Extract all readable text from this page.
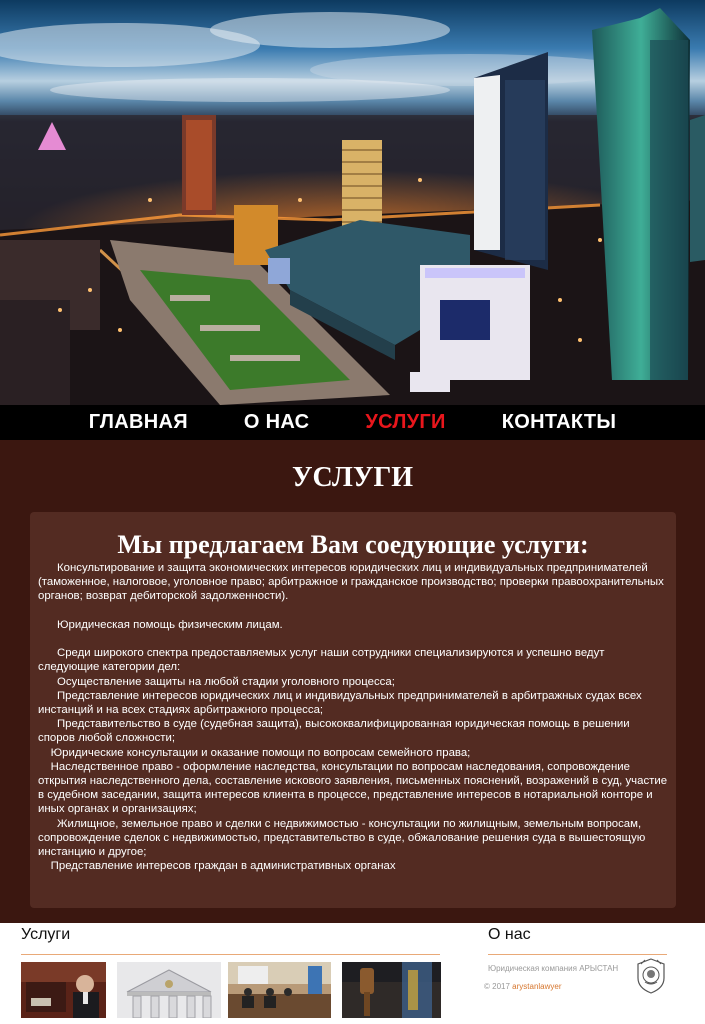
ГЛАВНАЯ	О НАС	УСЛУГИ	КОНТАКТЫ
УСЛУГИ
Мы предлагаем Вам соедующие услуги:

Консультирование и защита экономических интересов юридических лиц и индивидуальных предпринимателей (таможенное, налоговое, уголовное право; арбитражное и гражданское производство; проверки правоохранительных органов; возврат дебиторской задолженности).

Юридическая помощь физическим лицам.

Среди широкого спектра предоставляемых услуг наши сотрудники специализируются и успешно ведут следующие категории дел:

Осуществление защиты на любой стадии уголовного процесса;

Представление интересов юридических лиц и индивидуальных предпринимателей в арбитражных судах всех инстанций и на всех стадиях арбитражного процесса;

Представительство в суде (судебная защита), высококвалифицированная юридическая помощь в решении споров любой сложности;

Юридические консультации и оказание помощи по вопросам семейного права;

Наследственное право - оформление наследства, консультации по вопросам наследования, сопровождение открытия наследственного дела, составление искового заявления, письменных пояснений, возражений в суд, участие в судебном заседании, защита интересов клиента в процессе, представление интересов в нотариальной конторе и иных органах и организациях;

Жилищное, земельное право и сделки с недвижимостью - консультации по жилищным, земельным вопросам, сопровождение сделок с недвижимостью, представительство в суде, обжалование решения суда в вышестоящую инстанцию и другое;

Представление интересов граждан в административных органах

Услуги	О нас
Юридическая компания АРЫСТАН
© 2017 arystanlawyer
